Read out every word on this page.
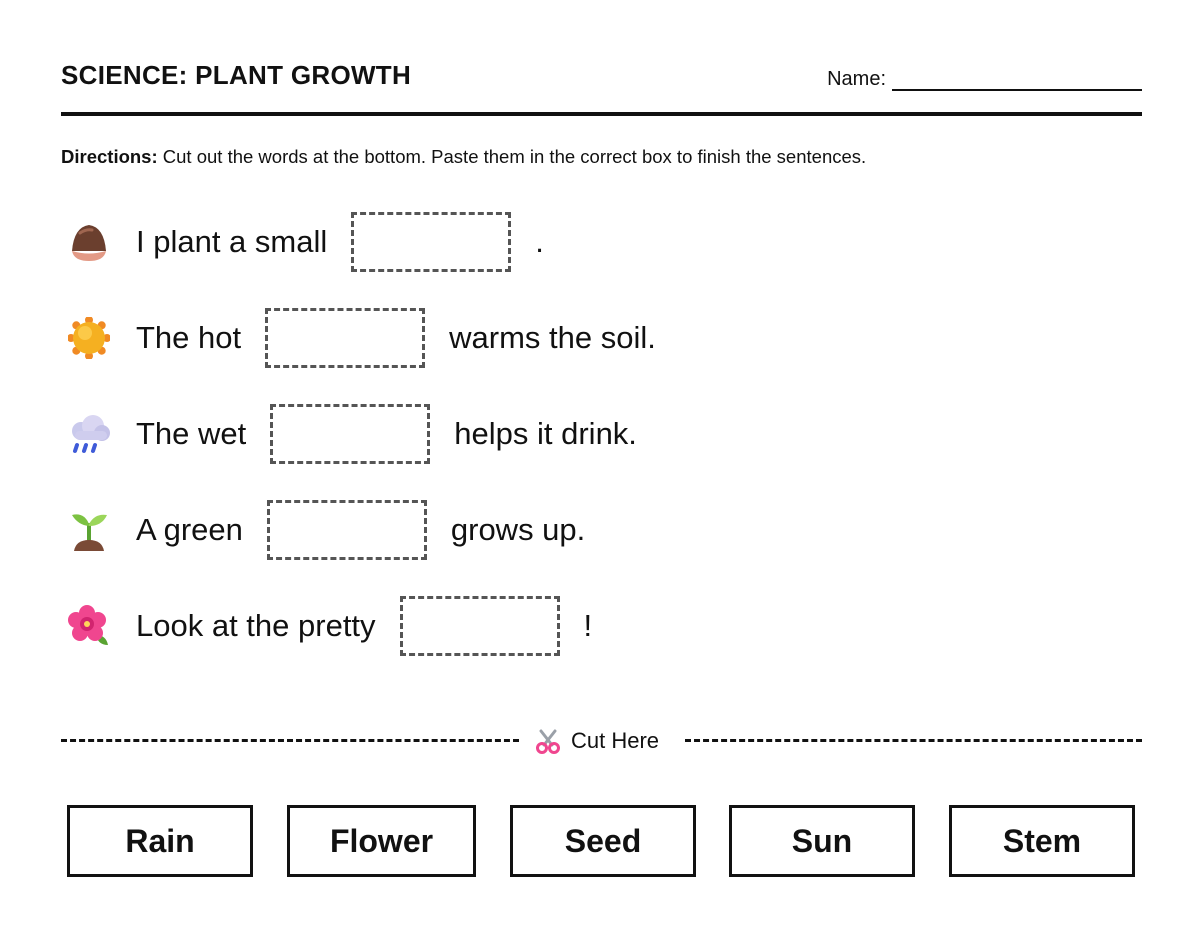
SCIENCE: PLANT GROWTH	Name:
Directions: Cut out the words at the bottom. Paste them in the correct box to finish the sentences.
I plant a small	.
The hot	warms the soil.
The wet	helps it drink.
A green	grows up.
Look at the pretty	!
Cut Here
Rain	Flower	Seed	Sun	Stem
